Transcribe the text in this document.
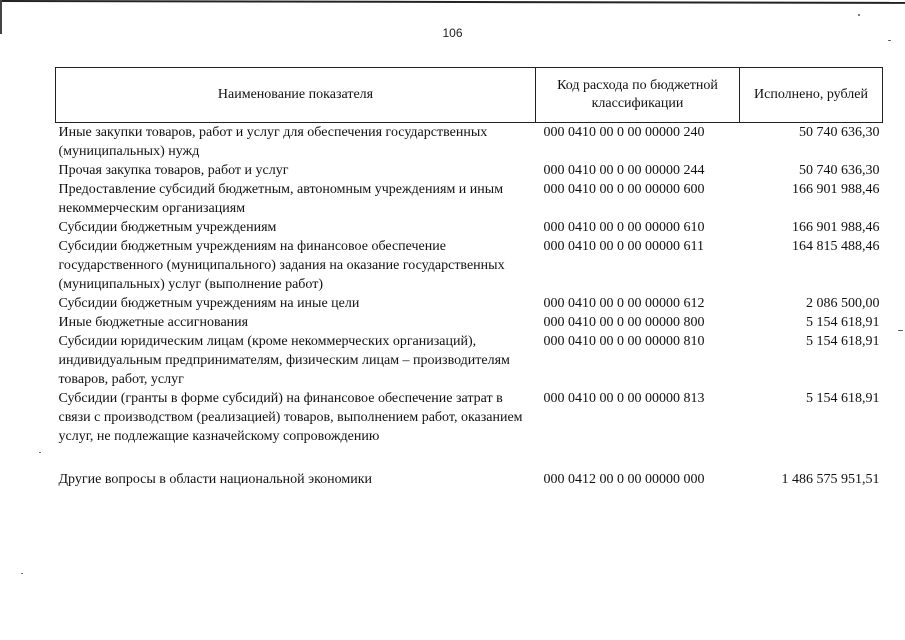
106
Наименование показателя	Код расхода по бюджетной классификации	Исполнено, рублей
Иные закупки товаров, работ и услуг для обеспечения государственных (муниципальных) нужд	000 0410 00 0 00 00000 240	50 740 636,30
Прочая закупка товаров, работ и услуг	000 0410 00 0 00 00000 244	50 740 636,30
Предоставление субсидий бюджетным, автономным учреждениям и иным некоммерческим организациям	000 0410 00 0 00 00000 600	166 901 988,46
Субсидии бюджетным учреждениям	000 0410 00 0 00 00000 610	166 901 988,46
Субсидии бюджетным учреждениям на финансовое обеспечение государственного (муниципального) задания на оказание государственных (муниципальных) услуг (выполнение работ)	000 0410 00 0 00 00000 611	164 815 488,46
Субсидии бюджетным учреждениям на иные цели	000 0410 00 0 00 00000 612	2 086 500,00
Иные бюджетные ассигнования	000 0410 00 0 00 00000 800	5 154 618,91
Субсидии юридическим лицам (кроме некоммерческих организаций), индивидуальным предпринимателям, физическим лицам – производителям товаров, работ, услуг	000 0410 00 0 00 00000 810	5 154 618,91
Субсидии (гранты в форме субсидий) на финансовое обеспечение затрат в связи с производством (реализацией) товаров, выполнением работ, оказанием услуг, не подлежащие казначейскому сопровождению	000 0410 00 0 00 00000 813	5 154 618,91

Другие вопросы в области национальной экономики	000 0412 00 0 00 00000 000	1 486 575 951,51
